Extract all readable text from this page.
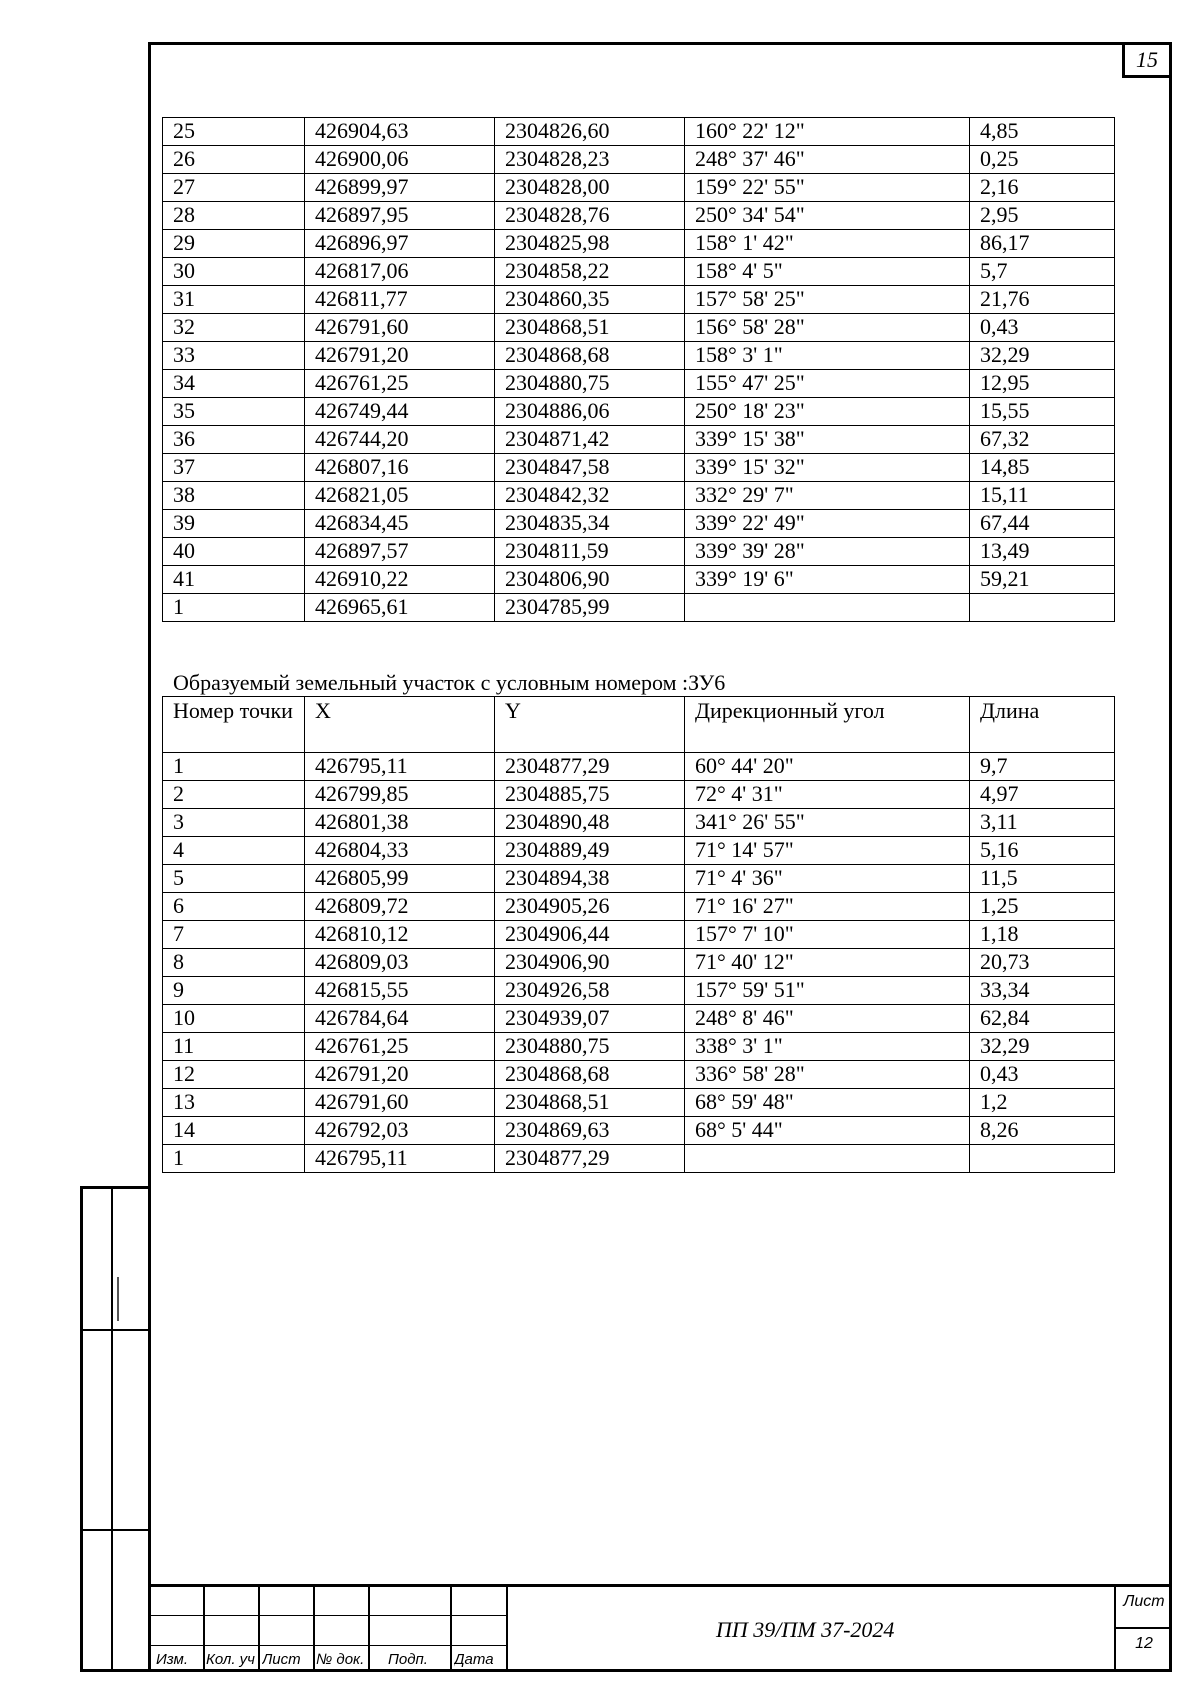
15
25	426904,63	2304826,60	160° 22' 12"	4,85
26	426900,06	2304828,23	248° 37' 46"	0,25
27	426899,97	2304828,00	159° 22' 55"	2,16
28	426897,95	2304828,76	250° 34' 54"	2,95
29	426896,97	2304825,98	158° 1' 42"	86,17
30	426817,06	2304858,22	158° 4' 5"	5,7
31	426811,77	2304860,35	157° 58' 25"	21,76
32	426791,60	2304868,51	156° 58' 28"	0,43
33	426791,20	2304868,68	158° 3' 1"	32,29
34	426761,25	2304880,75	155° 47' 25"	12,95
35	426749,44	2304886,06	250° 18' 23"	15,55
36	426744,20	2304871,42	339° 15' 38"	67,32
37	426807,16	2304847,58	339° 15' 32"	14,85
38	426821,05	2304842,32	332° 29' 7"	15,11
39	426834,45	2304835,34	339° 22' 49"	67,44
40	426897,57	2304811,59	339° 39' 28"	13,49
41	426910,22	2304806,90	339° 19' 6"	59,21
1	426965,61	2304785,99		
Образуемый земельный участок с условным номером :ЗУ6
Номер точки	X	Y	Дирекционный угол	Длина
1	426795,11	2304877,29	60° 44' 20"	9,7
2	426799,85	2304885,75	72° 4' 31"	4,97
3	426801,38	2304890,48	341° 26' 55"	3,11
4	426804,33	2304889,49	71° 14' 57"	5,16
5	426805,99	2304894,38	71° 4' 36"	11,5
6	426809,72	2304905,26	71° 16' 27"	1,25
7	426810,12	2304906,44	157° 7' 10"	1,18
8	426809,03	2304906,90	71° 40' 12"	20,73
9	426815,55	2304926,58	157° 59' 51"	33,34
10	426784,64	2304939,07	248° 8' 46"	62,84
11	426761,25	2304880,75	338° 3' 1"	32,29
12	426791,20	2304868,68	336° 58' 28"	0,43
13	426791,60	2304868,51	68° 59' 48"	1,2
14	426792,03	2304869,63	68° 5' 44"	8,26
1	426795,11	2304877,29		
Изм.	Кол. уч Лист	№ док. Подп.	Дата
ПП 39/ПМ 37-2024
Лист
12
